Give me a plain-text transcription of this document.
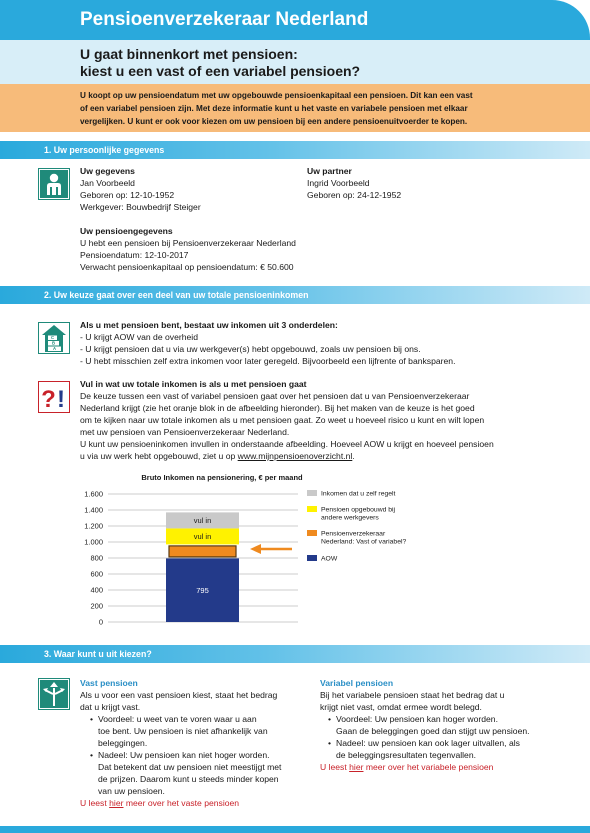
Pensioenverzekeraar Nederland
U gaat binnenkort met pensioen:
kiest u een vast of een variabel pensioen?

U koopt op uw pensioendatum met uw opgebouwde pensioenkapitaal een pensioen. Dit kan een vast
of een variabel pensioen zijn. Met deze informatie kunt u het vaste en variabele pensioen met elkaar
vergelijken. U kunt er ook voor kiezen om uw pensioen bij een andere pensioenuitvoerder te kopen.

1. Uw persoonlijke gegevens
Uw gegevens
Jan Voorbeeld
Geboren op: 12-10-1952
Werkgever: Bouwbedrijf Steiger
Uw partner
Ingrid Voorbeeld
Geboren op: 24-12-1952
Uw pensioengegevens
U hebt een pensioen bij Pensioenverzekeraar Nederland
Pensioendatum: 12-10-2017
Verwacht pensioenkapitaal op pensioendatum: € 50.600
2. Uw keuze gaat over een deel van uw totale pensioeninkomen
C
B
A
Als u met pensioen bent, bestaat uw inkomen uit 3 onderdelen:
- U krijgt AOW van de overheid
- U krijgt pensioen dat u via uw werkgever(s) hebt opgebouwd, zoals uw pensioen bij ons.
- U hebt misschien zelf extra inkomen voor later geregeld. Bijvoorbeeld een lijfrente of banksparen.
? !
Vul in wat uw totale inkomen is als u met pensioen gaat
De keuze tussen een vast of variabel pensioen gaat over het pensioen dat u van Pensioenverzekeraar
Nederland krijgt (zie het oranje blok in de afbeelding hieronder). Bij het maken van de keuze is het goed
om te kijken naar uw totale inkomen als u met pensioen gaat. Zo weet u hoeveel risico u kunt en wilt lopen
met uw pensioen van Pensioenverzekeraar Nederland.
U kunt uw pensioeninkomen invullen in onderstaande afbeelding. Hoeveel AOW u krijgt en hoeveel pensioen
u via uw werk hebt opgebouwd, ziet u op www.mijnpensioenoverzicht.nl.
Bruto Inkomen na pensionering, € per maand
0
200
400
600
800
1.000
1.200
1.400
1.600
795
vul in
vul in
Inkomen dat u zelf regelt
Pensioen opgebouwd bij
andere werkgevers
Pensioenverzekeraar
Nederland: Vast of variabel?
AOW
3. Waar kunt u uit kiezen?
Vast pensioen
Als u voor een vast pensioen kiest, staat het bedrag
dat u krijgt vast.
• Voordeel: u weet van te voren waar u aan
toe bent. Uw pensioen is niet afhankelijk van
beleggingen.
• Nadeel: Uw pensioen kan niet hoger worden.
Dat betekent dat uw pensioen niet meestijgt met
de prijzen. Daarom kunt u steeds minder kopen
van uw pensioen.
U leest hier meer over het vaste pensioen
Variabel pensioen
Bij het variabele pensioen staat het bedrag dat u
krijgt niet vast, omdat ermee wordt belegd.
• Voordeel: Uw pensioen kan hoger worden.
Gaan de beleggingen goed dan stijgt uw pensioen.
• Nadeel: uw pensioen kan ook lager uitvallen, als
de beleggingsresultaten tegenvallen.
U leest hier meer over het variabele pensioen
